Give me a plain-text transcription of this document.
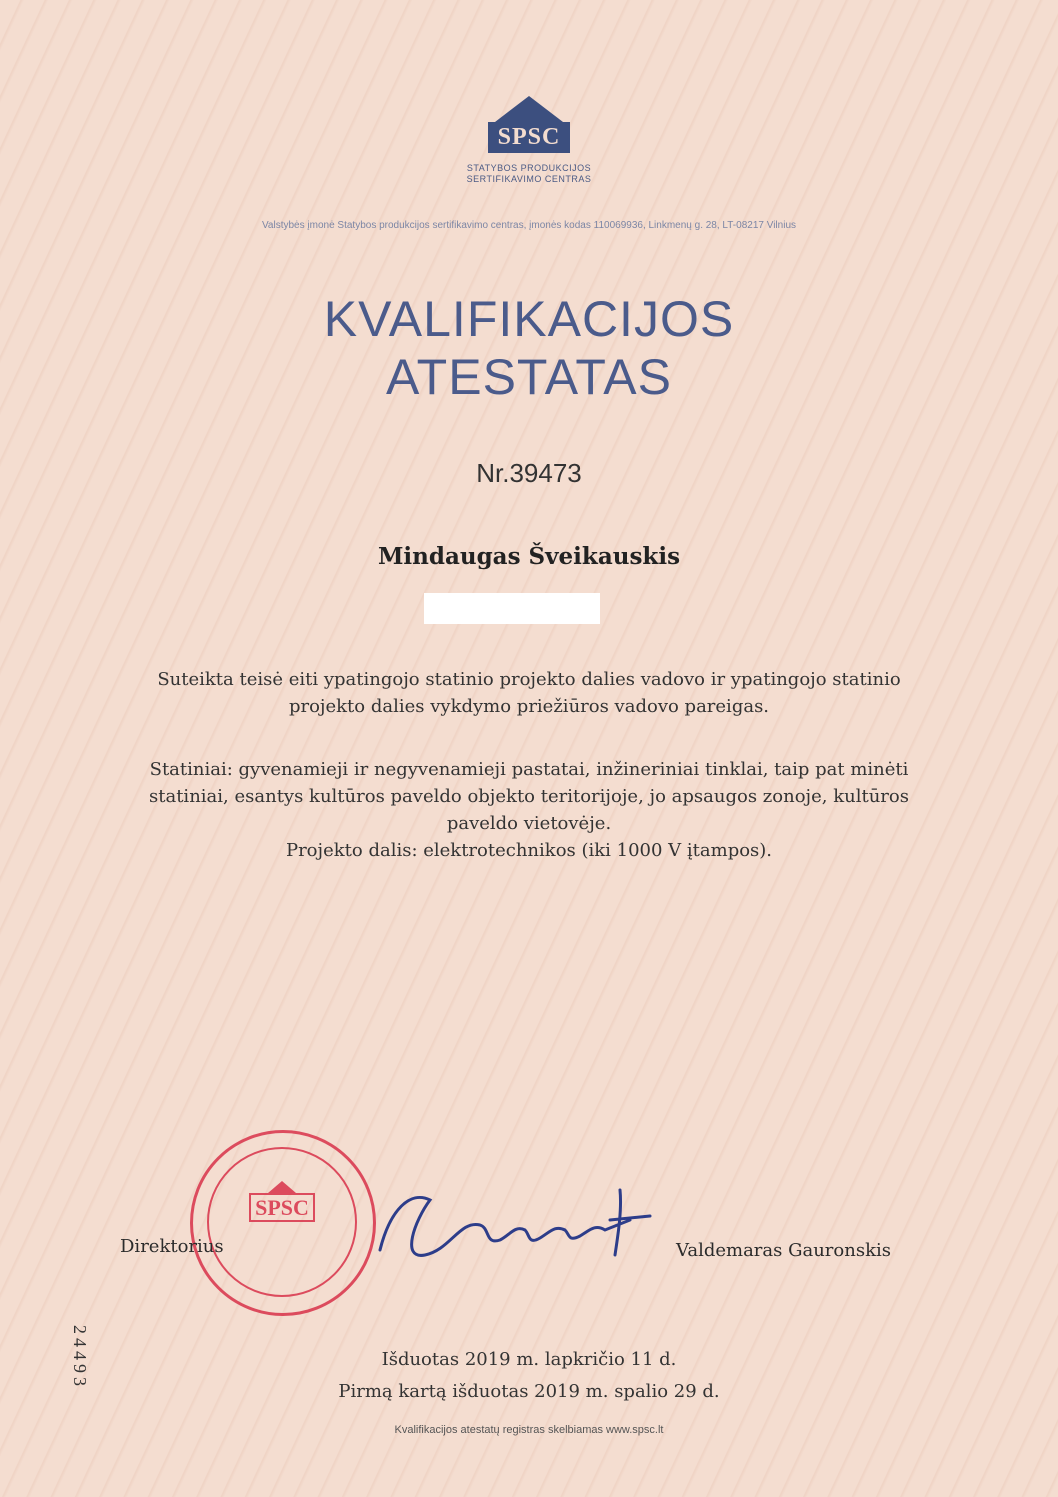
SPSC
STATYBOS PRODUKCIJOS
SERTIFIKAVIMO CENTRAS
Valstybės įmonė Statybos produkcijos sertifikavimo centras, įmonės kodas 110069936, Linkmenų g. 28, LT-08217 Vilnius
KVALIFIKACIJOS
ATESTATAS
Nr.39473
Mindaugas Šveikauskis
Suteikta teisė eiti ypatingojo statinio projekto dalies vadovo ir ypatingojo statinio
projekto dalies vykdymo priežiūros vadovo pareigas.
Statiniai: gyvenamieji ir negyvenamieji pastatai, inžineriniai tinklai, taip pat minėti
statiniai, esantys kultūros paveldo objekto teritorijoje, jo apsaugos zonoje, kultūros
paveldo vietovėje.
Projekto dalis: elektrotechnikos (iki 1000 V įtampos).
SPSC
Direktorius	Valdemaras Gauronskis
24493	Išduotas 2019 m. lapkričio 11 d.
Pirmą kartą išduotas 2019 m. spalio 29 d.
Kvalifikacijos atestatų registras skelbiamas www.spsc.lt
